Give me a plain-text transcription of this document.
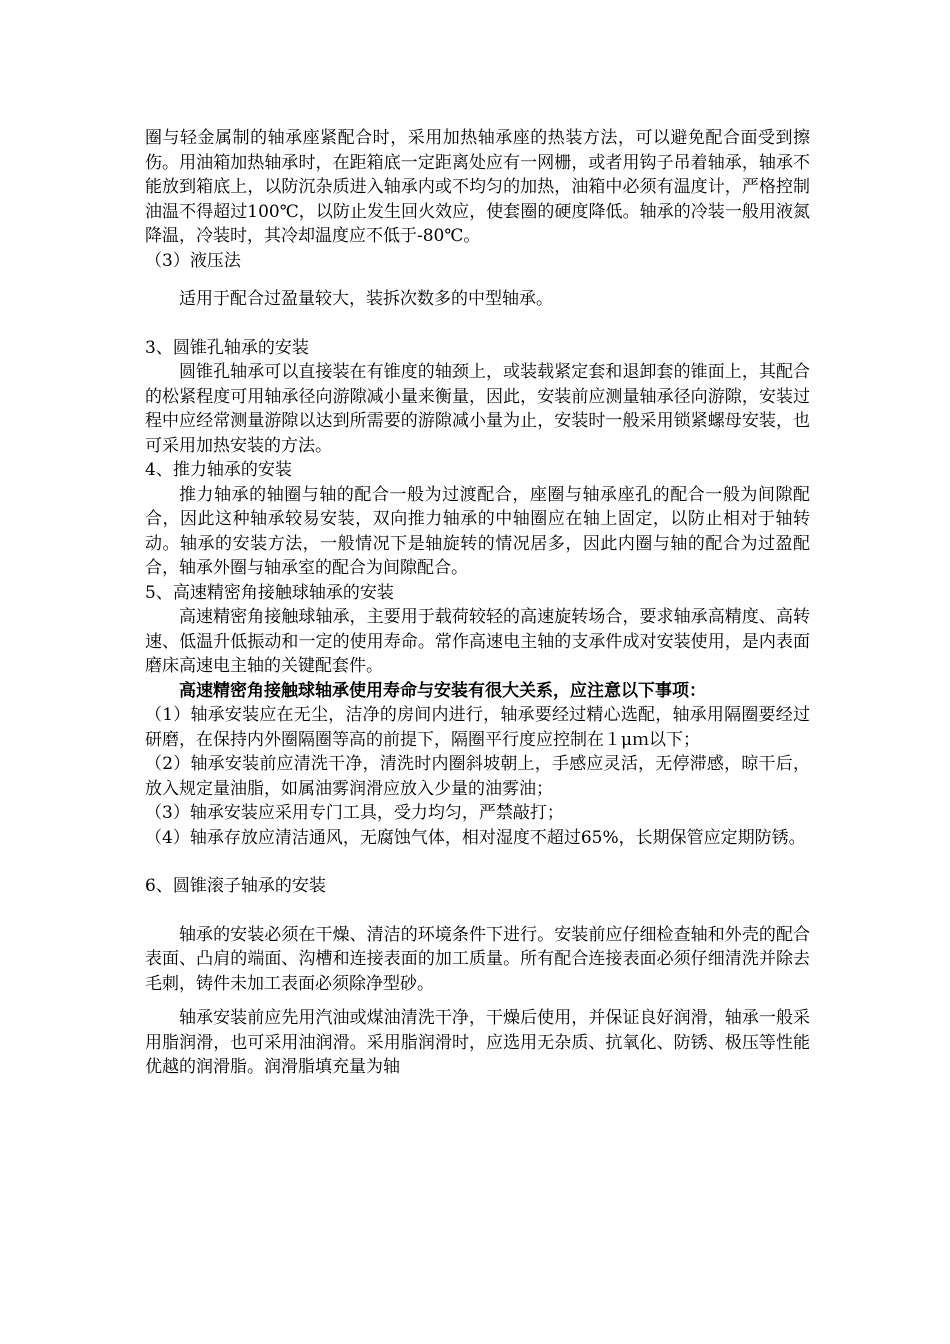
圈与轻金属制的轴承座紧配合时，采用加热轴承座的热装方法，可以避免配合面受到擦伤。用油箱加热轴承时，在距箱底一定距离处应有一网栅，或者用钩子吊着轴承，轴承不能放到箱底上，以防沉杂质进入轴承内或不均匀的加热，油箱中必须有温度计，严格控制油温不得超过100℃，以防止发生回火效应，使套圈的硬度降低。轴承的冷装一般用液氮降温，冷装时，其冷却温度应不低于-80℃。

（3）液压法

适用于配合过盈量较大，装拆次数多的中型轴承。

3、圆锥孔轴承的安装

圆锥孔轴承可以直接装在有锥度的轴颈上，或装载紧定套和退卸套的锥面上，其配合的松紧程度可用轴承径向游隙减小量来衡量，因此，安装前应测量轴承径向游隙，安装过程中应经常测量游隙以达到所需要的游隙减小量为止，安装时一般采用锁紧螺母安装，也可采用加热安装的方法。

4、推力轴承的安装

推力轴承的轴圈与轴的配合一般为过渡配合，座圈与轴承座孔的配合一般为间隙配合，因此这种轴承较易安装，双向推力轴承的中轴圈应在轴上固定，以防止相对于轴转动。轴承的安装方法，一般情况下是轴旋转的情况居多，因此内圈与轴的配合为过盈配合，轴承外圈与轴承室的配合为间隙配合。

5、高速精密角接触球轴承的安装

高速精密角接触球轴承，主要用于载荷较轻的高速旋转场合，要求轴承高精度、高转速、低温升低振动和一定的使用寿命。常作高速电主轴的支承件成对安装使用，是内表面磨床高速电主轴的关键配套件。

高速精密角接触球轴承使用寿命与安装有很大关系，应注意以下事项：

（1）轴承安装应在无尘，洁净的房间内进行，轴承要经过精心选配，轴承用隔圈要经过研磨，在保持内外圈隔圈等高的前提下，隔圈平行度应控制在１μｍ以下；

（2）轴承安装前应清洗干净，清洗时内圈斜坡朝上，手感应灵活，无停滞感，晾干后，放入规定量油脂，如属油雾润滑应放入少量的油雾油；

（3）轴承安装应采用专门工具，受力均匀，严禁敲打；

（4）轴承存放应清洁通风，无腐蚀气体，相对湿度不超过65%，长期保管应定期防锈。

6、圆锥滚子轴承的安装

轴承的安装必须在干燥、清洁的环境条件下进行。安装前应仔细检查轴和外壳的配合表面、凸肩的端面、沟槽和连接表面的加工质量。所有配合连接表面必须仔细清洗并除去毛刺，铸件未加工表面必须除净型砂。

轴承安装前应先用汽油或煤油清洗干净，干燥后使用，并保证良好润滑，轴承一般采用脂润滑，也可采用油润滑。采用脂润滑时，应选用无杂质、抗氧化、防锈、极压等性能优越的润滑脂。润滑脂填充量为轴
